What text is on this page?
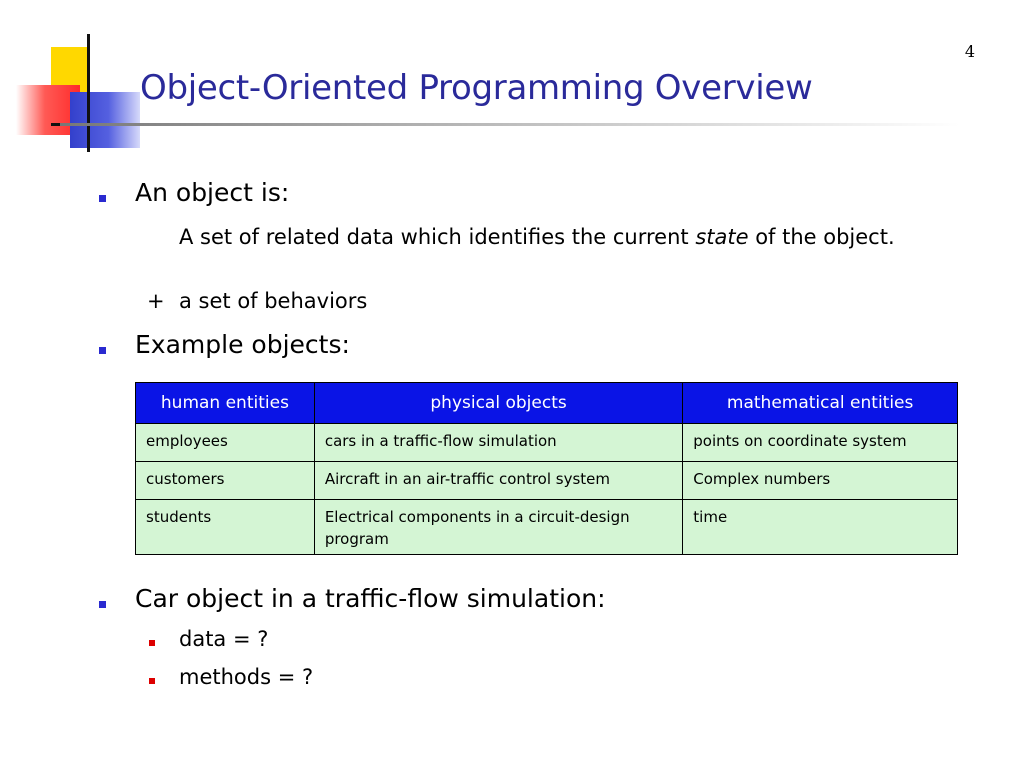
4
Object-Oriented Programming Overview
An object is:
A set of related data which identifies the current state of the object.
+ a set of behaviors
Example objects:
human entities	physical objects	mathematical entities
employees	cars in a traffic-flow simulation	points on coordinate system
customers	Aircraft in an air-traffic control system	Complex numbers
students	Electrical components in a circuit-design program	time
Car object in a traffic-flow simulation:
data = ?
methods = ?
